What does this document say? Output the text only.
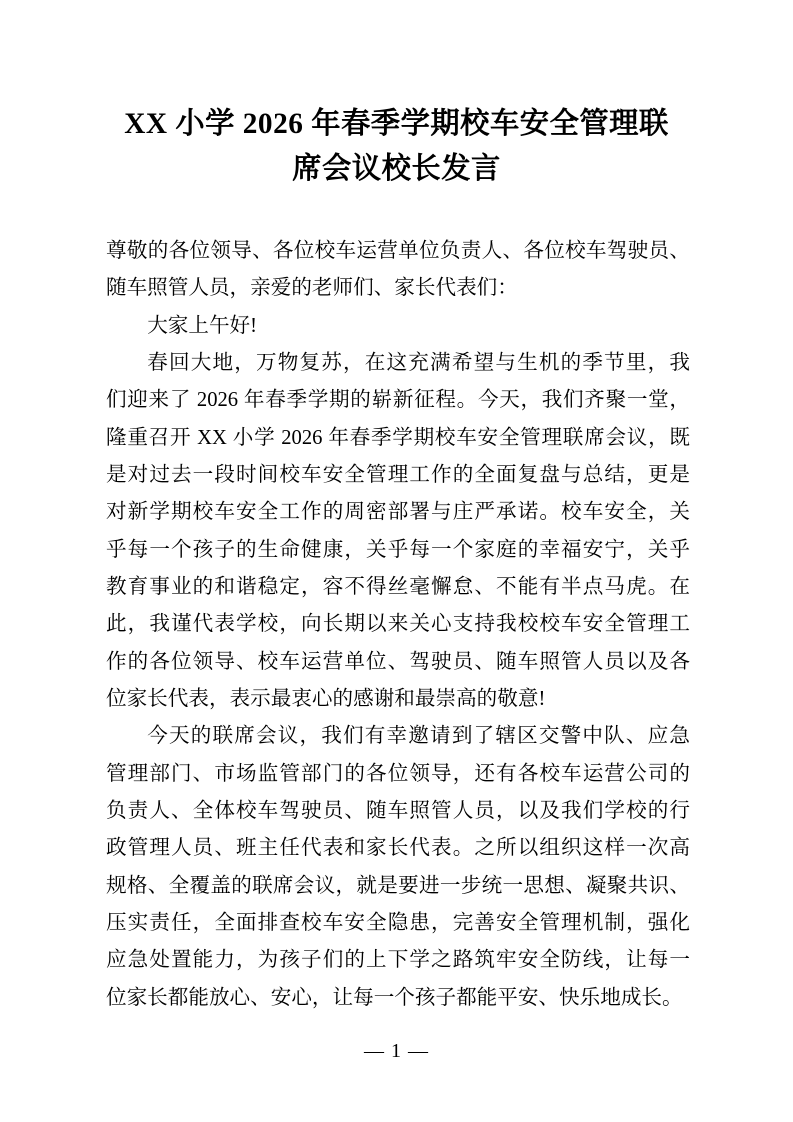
XX 小学 2026 年春季学期校车安全管理联
席会议校长发言
尊敬的各位领导、各位校车运营单位负责人、各位校车驾驶员、
随车照管人员，亲爱的老师们、家长代表们：
大家上午好!
春回大地，万物复苏，在这充满希望与生机的季节里，我
们迎来了 2026 年春季学期的崭新征程。今天，我们齐聚一堂，
隆重召开 XX 小学 2026 年春季学期校车安全管理联席会议，既
是对过去一段时间校车安全管理工作的全面复盘与总结，更是
对新学期校车安全工作的周密部署与庄严承诺。校车安全，关
乎每一个孩子的生命健康，关乎每一个家庭的幸福安宁，关乎
教育事业的和谐稳定，容不得丝毫懈怠、不能有半点马虎。在
此，我谨代表学校，向长期以来关心支持我校校车安全管理工
作的各位领导、校车运营单位、驾驶员、随车照管人员以及各
位家长代表，表示最衷心的感谢和最崇高的敬意!
今天的联席会议，我们有幸邀请到了辖区交警中队、应急
管理部门、市场监管部门的各位领导，还有各校车运营公司的
负责人、全体校车驾驶员、随车照管人员，以及我们学校的行
政管理人员、班主任代表和家长代表。之所以组织这样一次高
规格、全覆盖的联席会议，就是要进一步统一思想、凝聚共识、
压实责任，全面排查校车安全隐患，完善安全管理机制，强化
应急处置能力，为孩子们的上下学之路筑牢安全防线，让每一
位家长都能放心、安心，让每一个孩子都能平安、快乐地成长。
— 1 —
